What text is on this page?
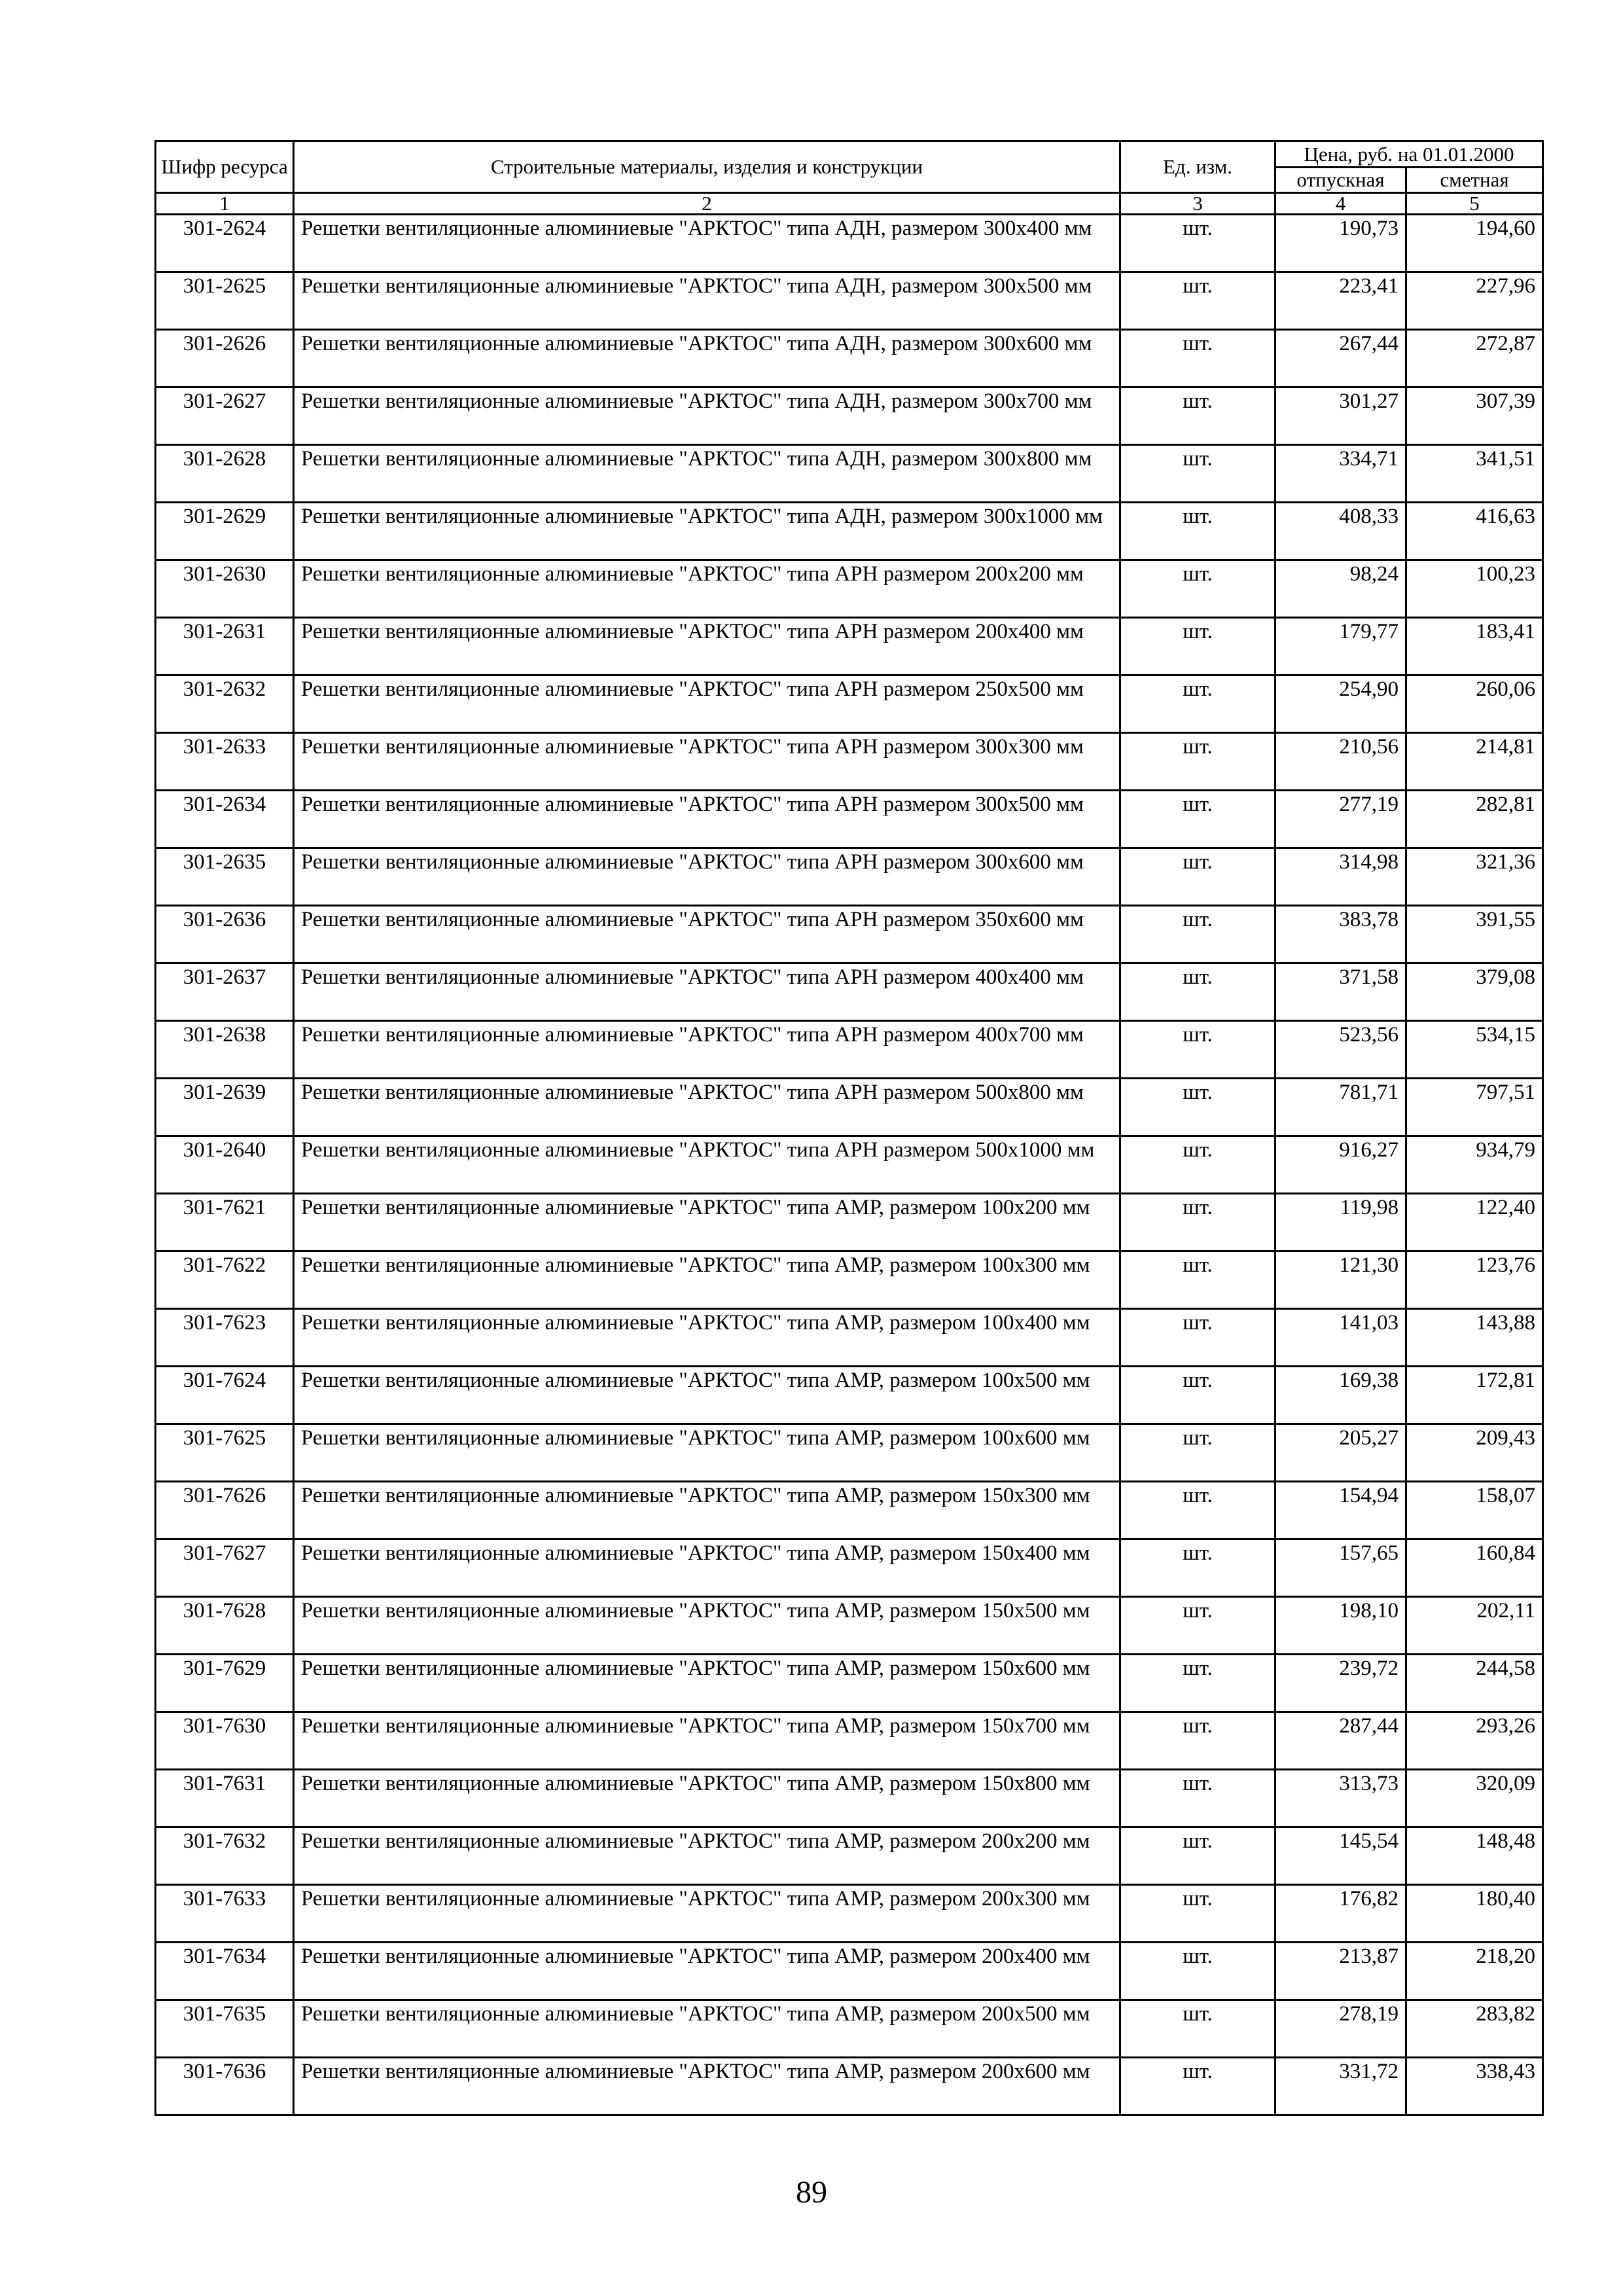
Шифр ресурса	Строительные материалы, изделия и конструкции	Ед. изм.	Цена, руб. на 01.01.2000	
			отпускная	сметная
1	2	3	4	5
301-2624	Решетки вентиляционные алюминиевые "АРКТОС" типа АДН, размером 300x400 мм	шт.	190,73	194,60
301-2625	Решетки вентиляционные алюминиевые "АРКТОС" типа АДН, размером 300x500 мм	шт.	223,41	227,96
301-2626	Решетки вентиляционные алюминиевые "АРКТОС" типа АДН, размером 300x600 мм	шт.	267,44	272,87
301-2627	Решетки вентиляционные алюминиевые "АРКТОС" типа АДН, размером 300x700 мм	шт.	301,27	307,39
301-2628	Решетки вентиляционные алюминиевые "АРКТОС" типа АДН, размером 300x800 мм	шт.	334,71	341,51
301-2629	Решетки вентиляционные алюминиевые "АРКТОС" типа АДН, размером 300x1000 мм	шт.	408,33	416,63
301-2630	Решетки вентиляционные алюминиевые "АРКТОС" типа АРН размером 200x200 мм	шт.	98,24	100,23
301-2631	Решетки вентиляционные алюминиевые "АРКТОС" типа АРН размером 200x400 мм	шт.	179,77	183,41
301-2632	Решетки вентиляционные алюминиевые "АРКТОС" типа АРН размером 250x500 мм	шт.	254,90	260,06
301-2633	Решетки вентиляционные алюминиевые "АРКТОС" типа АРН размером 300x300 мм	шт.	210,56	214,81
301-2634	Решетки вентиляционные алюминиевые "АРКТОС" типа АРН размером 300x500 мм	шт.	277,19	282,81
301-2635	Решетки вентиляционные алюминиевые "АРКТОС" типа АРН размером 300x600 мм	шт.	314,98	321,36
301-2636	Решетки вентиляционные алюминиевые "АРКТОС" типа АРН размером 350x600 мм	шт.	383,78	391,55
301-2637	Решетки вентиляционные алюминиевые "АРКТОС" типа АРН размером 400x400 мм	шт.	371,58	379,08
301-2638	Решетки вентиляционные алюминиевые "АРКТОС" типа АРН размером 400x700 мм	шт.	523,56	534,15
301-2639	Решетки вентиляционные алюминиевые "АРКТОС" типа АРН размером 500x800 мм	шт.	781,71	797,51
301-2640	Решетки вентиляционные алюминиевые "АРКТОС" типа АРН размером 500x1000 мм	шт.	916,27	934,79
301-7621	Решетки вентиляционные алюминиевые "АРКТОС" типа АМР, размером 100x200 мм	шт.	119,98	122,40
301-7622	Решетки вентиляционные алюминиевые "АРКТОС" типа АМР, размером 100x300 мм	шт.	121,30	123,76
301-7623	Решетки вентиляционные алюминиевые "АРКТОС" типа АМР, размером 100x400 мм	шт.	141,03	143,88
301-7624	Решетки вентиляционные алюминиевые "АРКТОС" типа АМР, размером 100x500 мм	шт.	169,38	172,81
301-7625	Решетки вентиляционные алюминиевые "АРКТОС" типа АМР, размером 100x600 мм	шт.	205,27	209,43
301-7626	Решетки вентиляционные алюминиевые "АРКТОС" типа АМР, размером 150x300 мм	шт.	154,94	158,07
301-7627	Решетки вентиляционные алюминиевые "АРКТОС" типа АМР, размером 150x400 мм	шт.	157,65	160,84
301-7628	Решетки вентиляционные алюминиевые "АРКТОС" типа АМР, размером 150x500 мм	шт.	198,10	202,11
301-7629	Решетки вентиляционные алюминиевые "АРКТОС" типа АМР, размером 150x600 мм	шт.	239,72	244,58
301-7630	Решетки вентиляционные алюминиевые "АРКТОС" типа АМР, размером 150x700 мм	шт.	287,44	293,26
301-7631	Решетки вентиляционные алюминиевые "АРКТОС" типа АМР, размером 150x800 мм	шт.	313,73	320,09
301-7632	Решетки вентиляционные алюминиевые "АРКТОС" типа АМР, размером 200x200 мм	шт.	145,54	148,48
301-7633	Решетки вентиляционные алюминиевые "АРКТОС" типа АМР, размером 200x300 мм	шт.	176,82	180,40
301-7634	Решетки вентиляционные алюминиевые "АРКТОС" типа АМР, размером 200x400 мм	шт.	213,87	218,20
301-7635	Решетки вентиляционные алюминиевые "АРКТОС" типа АМР, размером 200x500 мм	шт.	278,19	283,82
301-7636	Решетки вентиляционные алюминиевые "АРКТОС" типа АМР, размером 200x600 мм	шт.	331,72	338,43
89
